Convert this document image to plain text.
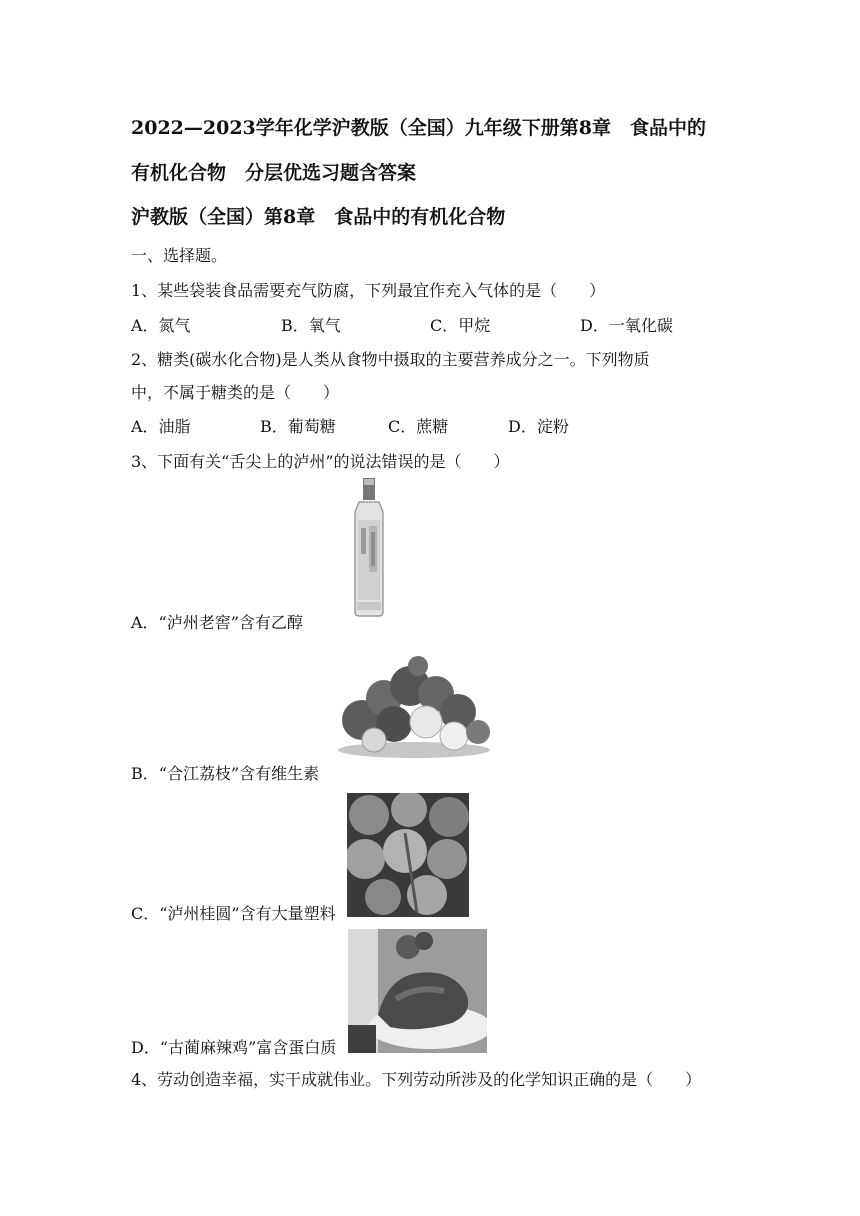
2022—2023学年化学沪教版（全国）九年级下册第8章　食品中的
有机化合物　分层优选习题含答案
沪教版（全国）第8章　食品中的有机化合物
一、选择题。
1、某些袋装食品需要充气防腐，下列最宜作充入气体的是（　　）
A．氮气	B．氧气	C．甲烷	D．一氧化碳
2、糖类(碳水化合物)是人类从食物中摄取的主要营养成分之一。下列物质
中，不属于糖类的是（　　）
A．油脂	B．葡萄糖	C．蔗糖	D．淀粉
3、下面有关“舌尖上的泸州”的说法错误的是（　　）
A．“泸州老窖”含有乙醇
B．“合江荔枝”含有维生素
C．“泸州桂圆”含有大量塑料
D．“古蔺麻辣鸡”富含蛋白质
4、劳动创造幸福，实干成就伟业。下列劳动所涉及的化学知识正确的是（　　）
